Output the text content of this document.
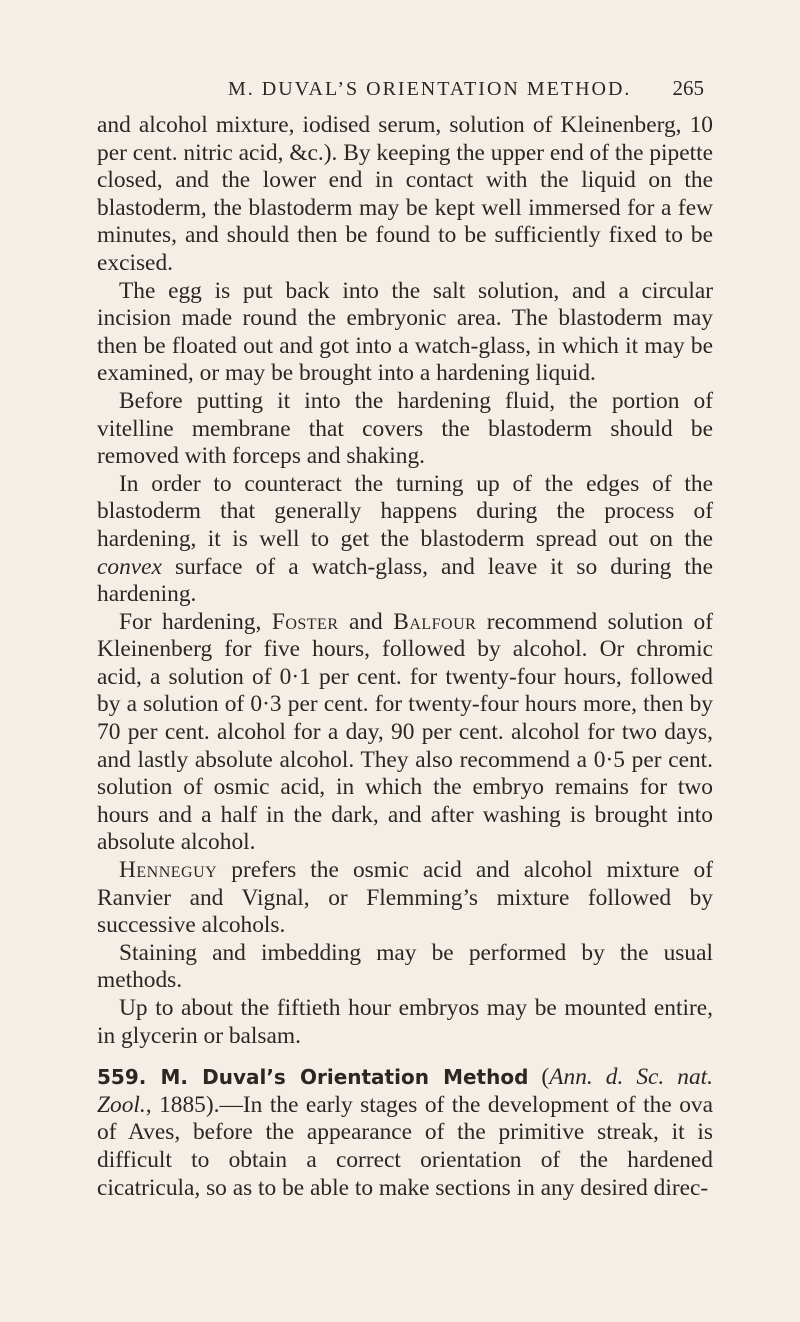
M. DUVAL’S ORIENTATION METHOD. 265

and alcohol mixture, iodised serum, solution of Kleinenberg, 10 per cent. nitric acid, &c.). By keeping the upper end of the pipette closed, and the lower end in contact with the liquid on the blastoderm, the blastoderm may be kept well immersed for a few minutes, and should then be found to be sufficiently fixed to be excised.

The egg is put back into the salt solution, and a circular incision made round the embryonic area. The blastoderm may then be floated out and got into a watch-glass, in which it may be examined, or may be brought into a hardening liquid.

Before putting it into the hardening fluid, the portion of vitelline membrane that covers the blastoderm should be removed with forceps and shaking.

In order to counteract the turning up of the edges of the blastoderm that generally happens during the process of hardening, it is well to get the blastoderm spread out on the convex surface of a watch-glass, and leave it so during the hardening.

For hardening, Foster and Balfour recommend solution of Kleinenberg for five hours, followed by alcohol. Or chromic acid, a solution of 0·1 per cent. for twenty-four hours, followed by a solution of 0·3 per cent. for twenty-four hours more, then by 70 per cent. alcohol for a day, 90 per cent. alcohol for two days, and lastly absolute alcohol. They also recommend a 0·5 per cent. solution of osmic acid, in which the embryo remains for two hours and a half in the dark, and after washing is brought into absolute alcohol.

Henneguy prefers the osmic acid and alcohol mixture of Ranvier and Vignal, or Flemming’s mixture followed by successive alcohols.

Staining and imbedding may be performed by the usual methods.

Up to about the fiftieth hour embryos may be mounted entire, in glycerin or balsam.

559. M. Duval’s Orientation Method (Ann. d. Sc. nat. Zool., 1885).—In the early stages of the development of the ova of Aves, before the appearance of the primitive streak, it is difficult to obtain a correct orientation of the hardened cicatricula, so as to be able to make sections in any desired direc-
